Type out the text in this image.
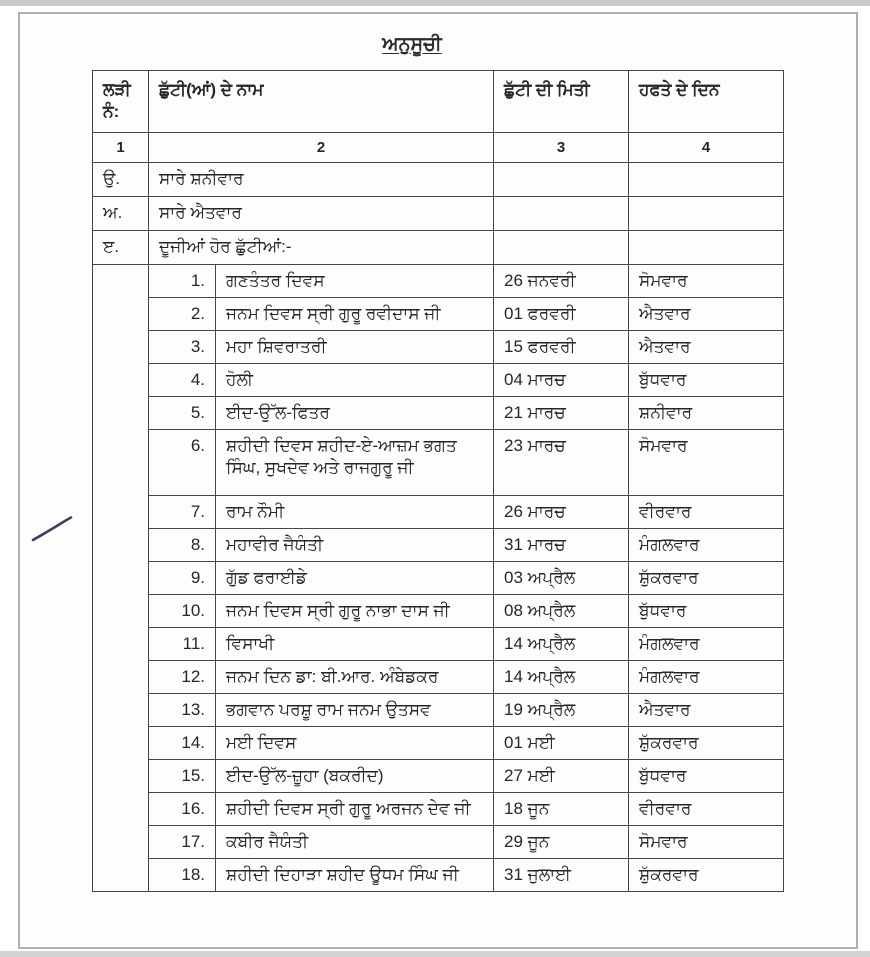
ਅਨੁਸੂਚੀ
ਲੜੀ ਨੰ:	ਛੁੱਟੀ(ਆਂ) ਦੇ ਨਾਮ		ਛੁੱਟੀ ਦੀ ਮਿਤੀ	ਹਫਤੇ ਦੇ ਦਿਨ
1	2		3	4
ਉ.	ਸਾਰੇ ਸ਼ਨੀਵਾਰ			
ਅ.	ਸਾਰੇ ਐਤਵਾਰ			
ੲ.	ਦੂਜੀਆਂ ਹੋਰ ਛੁੱਟੀਆਂ:-			
	1.	ਗਣਤੰਤਰ ਦਿਵਸ	26 ਜਨਵਰੀ	ਸੋਮਵਾਰ
	2.	ਜਨਮ ਦਿਵਸ ਸ੍ਰੀ ਗੁਰੂ ਰਵੀਦਾਸ ਜੀ	01 ਫਰਵਰੀ	ਐਤਵਾਰ
	3.	ਮਹਾ ਸ਼ਿਵਰਾਤਰੀ	15 ਫਰਵਰੀ	ਐਤਵਾਰ
	4.	ਹੋਲੀ	04 ਮਾਰਚ	ਬੁੱਧਵਾਰ
	5.	ਈਦ-ਉੱਲ-ਫਿਤਰ	21 ਮਾਰਚ	ਸ਼ਨੀਵਾਰ
	6.	ਸ਼ਹੀਦੀ ਦਿਵਸ ਸ਼ਹੀਦ-ਏ-ਆਜ਼ਮ ਭਗਤ ਸਿੰਘ, ਸੁਖਦੇਵ ਅਤੇ ਰਾਜਗੁਰੂ ਜੀ	23 ਮਾਰਚ	ਸੋਮਵਾਰ
	7.	ਰਾਮ ਨੌਮੀ	26 ਮਾਰਚ	ਵੀਰਵਾਰ
	8.	ਮਹਾਵੀਰ ਜੈਯੰਤੀ	31 ਮਾਰਚ	ਮੰਗਲਵਾਰ
	9.	ਗੁੱਡ ਫਰਾਈਡੇ	03 ਅਪ੍ਰੈਲ	ਸ਼ੁੱਕਰਵਾਰ
	10.	ਜਨਮ ਦਿਵਸ ਸ੍ਰੀ ਗੁਰੂ ਨਾਭਾ ਦਾਸ ਜੀ	08 ਅਪ੍ਰੈਲ	ਬੁੱਧਵਾਰ
	11.	ਵਿਸਾਖੀ	14 ਅਪ੍ਰੈਲ	ਮੰਗਲਵਾਰ
	12.	ਜਨਮ ਦਿਨ ਡਾ: ਬੀ.ਆਰ. ਅੰਬੇਡਕਰ	14 ਅਪ੍ਰੈਲ	ਮੰਗਲਵਾਰ
	13.	ਭਗਵਾਨ ਪਰਸ਼ੂ ਰਾਮ ਜਨਮ ਉਤਸਵ	19 ਅਪ੍ਰੈਲ	ਐਤਵਾਰ
	14.	ਮਈ ਦਿਵਸ	01 ਮਈ	ਸ਼ੁੱਕਰਵਾਰ
	15.	ਈਦ-ਉੱਲ-ਜ਼ੂਹਾ (ਬਕਰੀਦ)	27 ਮਈ	ਬੁੱਧਵਾਰ
	16.	ਸ਼ਹੀਦੀ ਦਿਵਸ ਸ੍ਰੀ ਗੁਰੂ ਅਰਜਨ ਦੇਵ ਜੀ	18 ਜੂਨ	ਵੀਰਵਾਰ
	17.	ਕਬੀਰ ਜੈਯੰਤੀ	29 ਜੂਨ	ਸੋਮਵਾਰ
	18.	ਸ਼ਹੀਦੀ ਦਿਹਾੜਾ ਸ਼ਹੀਦ ਊਧਮ ਸਿੰਘ ਜੀ	31 ਜੁਲਾਈ	ਸ਼ੁੱਕਰਵਾਰ
